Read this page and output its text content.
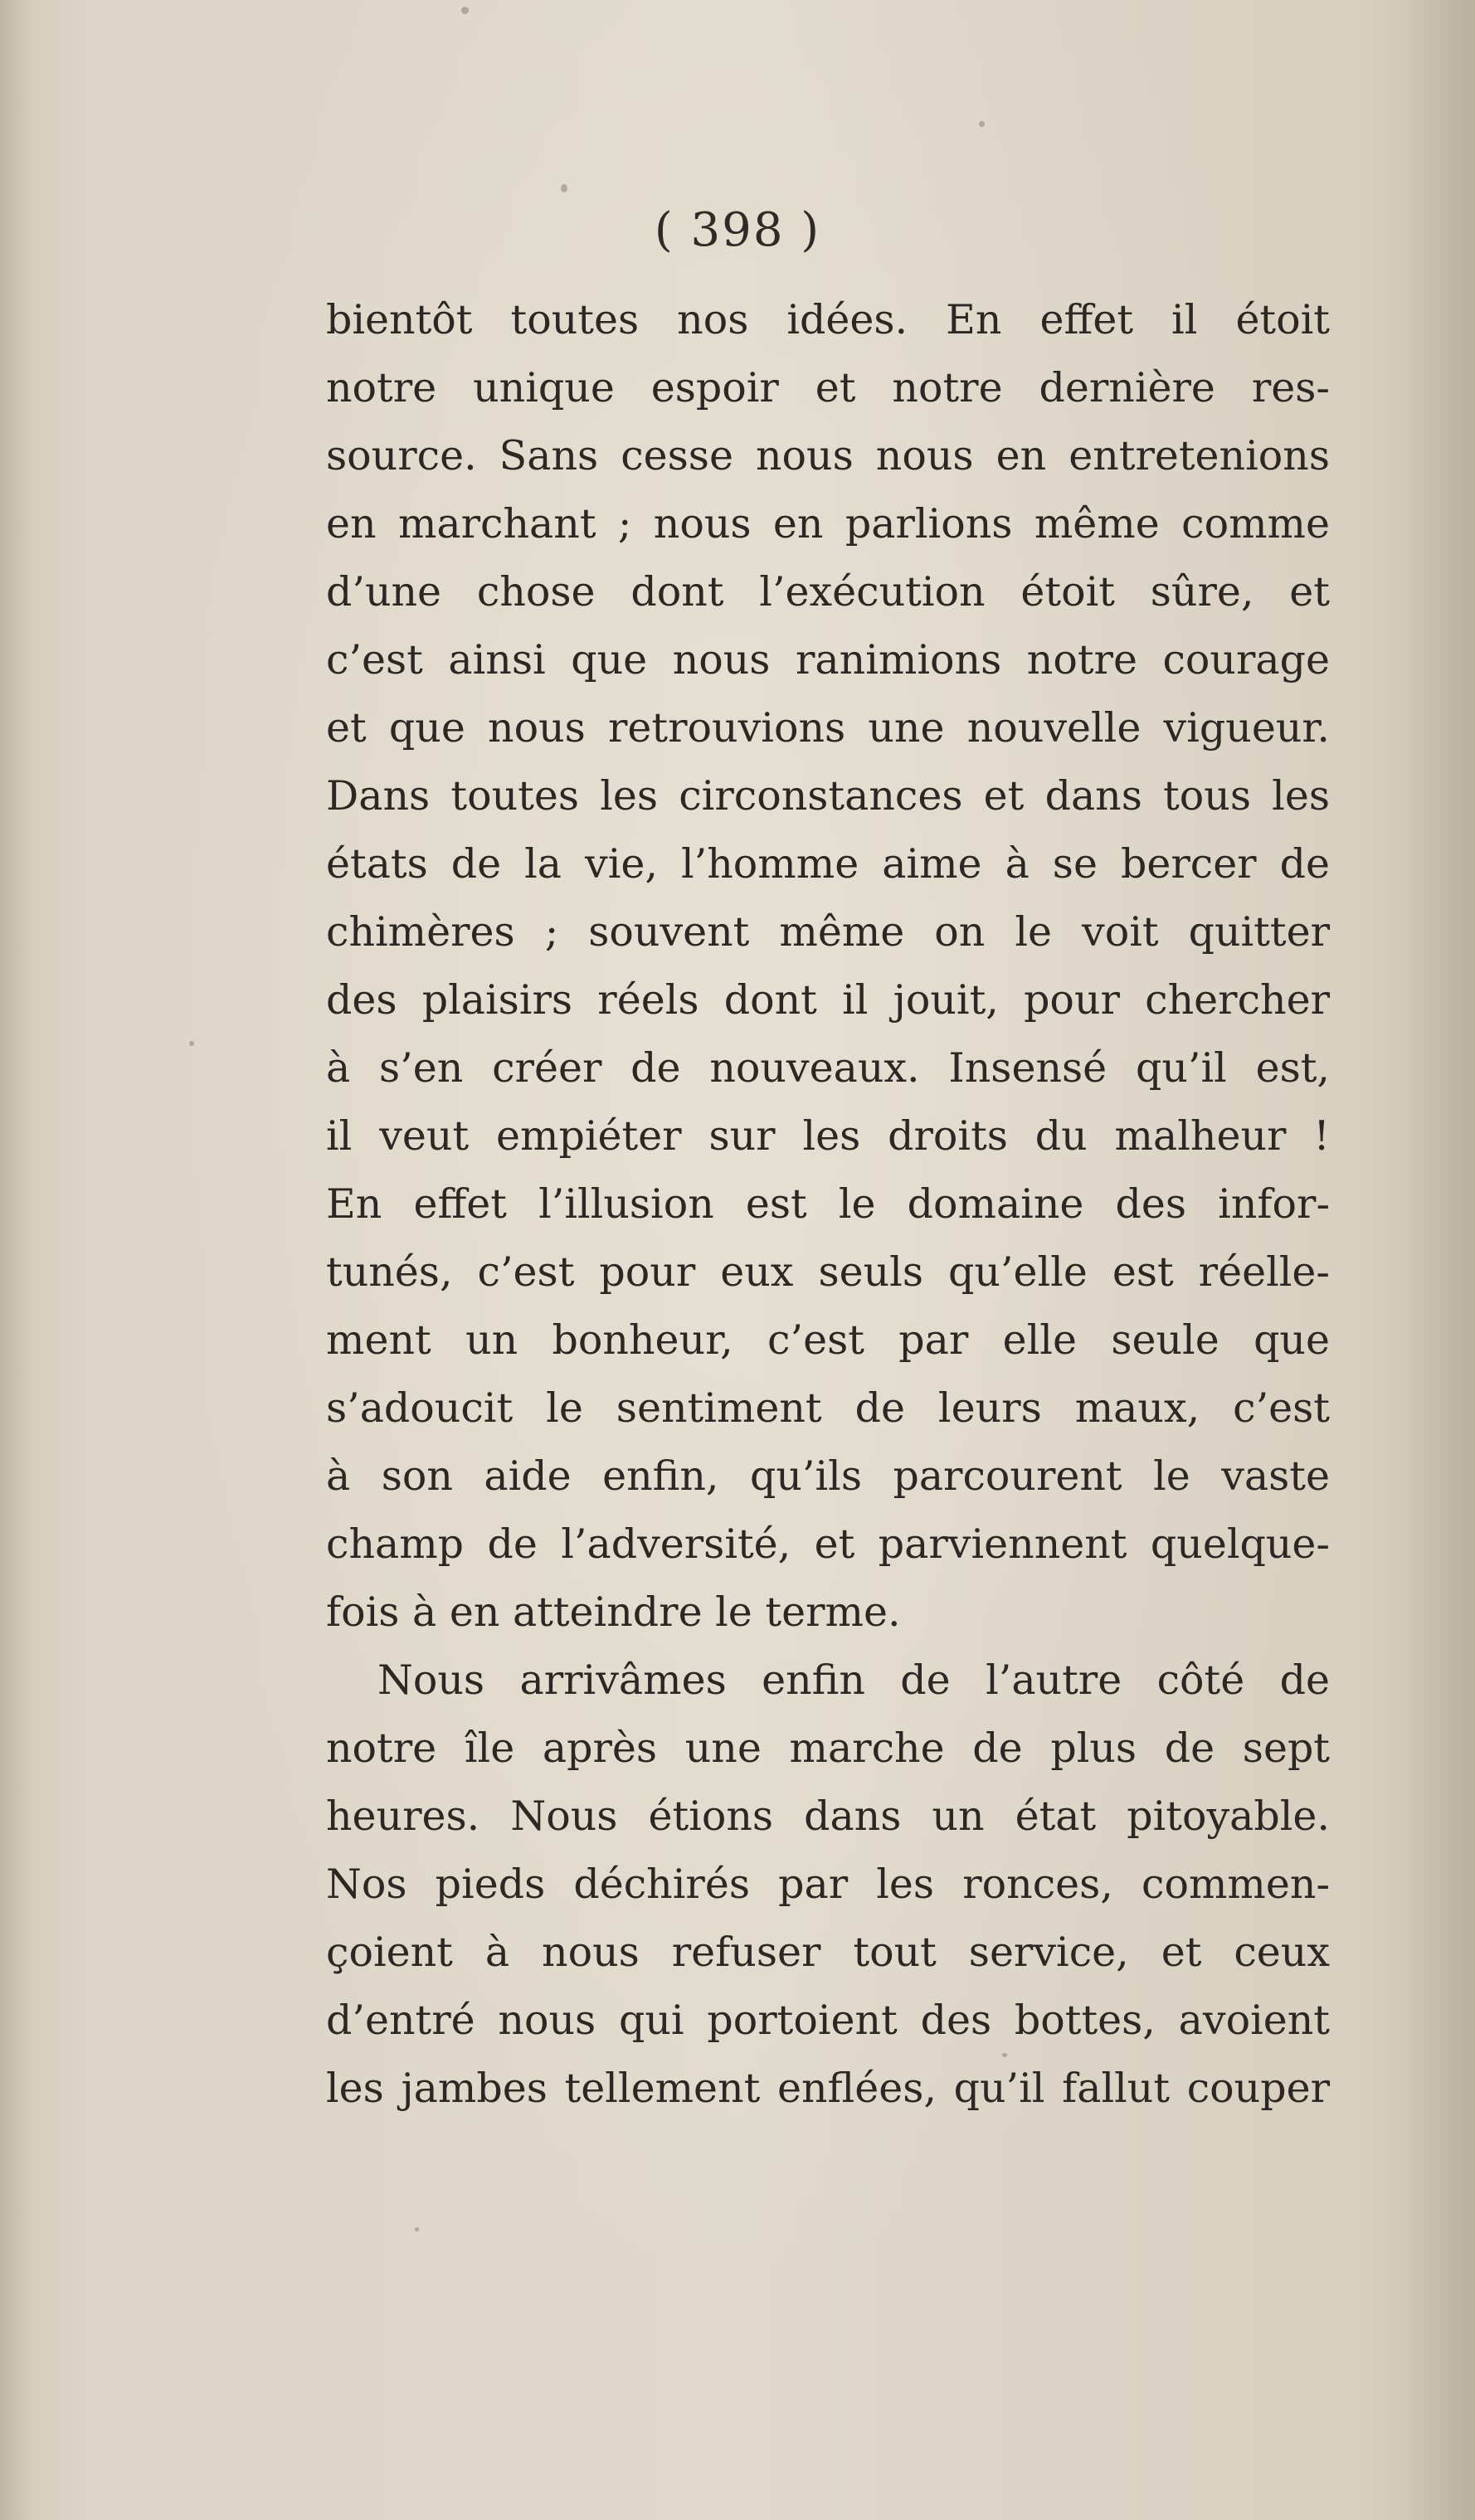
( 398 )
bientôt toutes nos idées. En effet il étoit
notre unique espoir et notre dernière res-
source. Sans cesse nous nous en entretenions
en marchant ; nous en parlions même comme
d’une chose dont l’exécution étoit sûre, et
c’est ainsi que nous ranimions notre courage
et que nous retrouvions une nouvelle vigueur.
Dans toutes les circonstances et dans tous les
états de la vie, l’homme aime à se bercer de
chimères ; souvent même on le voit quitter
des plaisirs réels dont il jouit, pour chercher
à s’en créer de nouveaux. Insensé qu’il est,
il veut empiéter sur les droits du malheur !
En effet l’illusion est le domaine des infor-
tunés, c’est pour eux seuls qu’elle est réelle-
ment un bonheur, c’est par elle seule que
s’adoucit le sentiment de leurs maux, c’est
à son aide enfin, qu’ils parcourent le vaste
champ de l’adversité, et parviennent quelque-
fois à en atteindre le terme.
Nous arrivâmes enfin de l’autre côté de
notre île après une marche de plus de sept
heures. Nous étions dans un état pitoyable.
Nos pieds déchirés par les ronces, commen-
çoient à nous refuser tout service, et ceux
d’entré nous qui portoient des bottes, avoient
les jambes tellement enflées, qu’il fallut couper
